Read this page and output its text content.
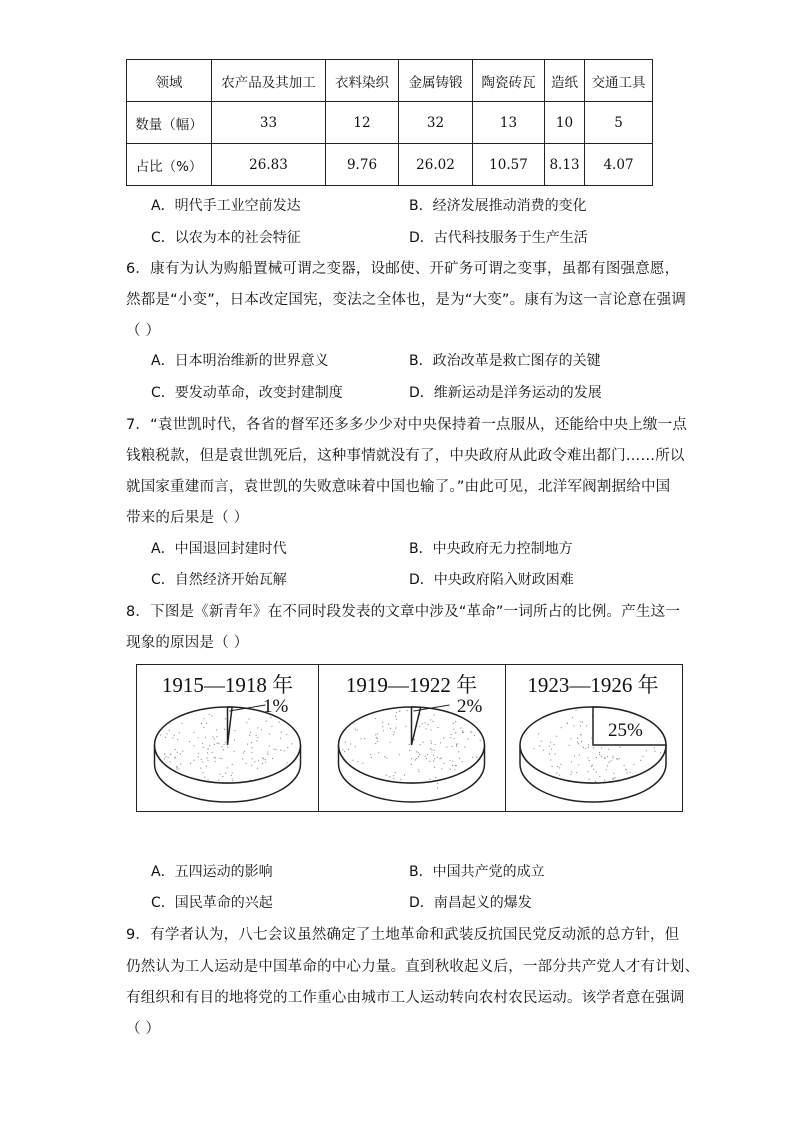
领域	农产品及其加工	衣料染织	金属铸锻	陶瓷砖瓦	造纸	交通工具
数量（幅）	33	12	32	13	10	5
占比（%）	26.83	9.76	26.02	10.57	8.13	4.07
A．明代手工业空前发达	B．经济发展推动消费的变化
C．以农为本的社会特征	D．古代科技服务于生产生活
6．康有为认为购船置械可谓之变器，设邮使、开矿务可谓之变事，虽都有图强意愿，
然都是“小变”，日本改定国宪，变法之全体也，是为“大变”。康有为这一言论意在强调
（ ）
A．日本明治维新的世界意义	B．政治改革是救亡图存的关键
C．要发动革命，改变封建制度	D．维新运动是洋务运动的发展
7．“袁世凯时代，各省的督军还多多少少对中央保持着一点服从，还能给中央上缴一点
钱粮税款，但是袁世凯死后，这种事情就没有了，中央政府从此政令难出都门……所以
就国家重建而言，袁世凯的失败意味着中国也输了。”由此可见，北洋军阀割据给中国
带来的后果是（ ）
A．中国退回封建时代	B．中央政府无力控制地方
C．自然经济开始瓦解	D．中央政府陷入财政困难
8．下图是《新青年》在不同时段发表的文章中涉及“革命”一词所占的比例。产生这一
现象的原因是（ ）
1915—1918 年
1%
1919—1922 年
2%
1923—1926 年
25%
A．五四运动的影响	B．中国共产党的成立
C．国民革命的兴起	D．南昌起义的爆发
9．有学者认为，八七会议虽然确定了土地革命和武装反抗国民党反动派的总方针，但
仍然认为工人运动是中国革命的中心力量。直到秋收起义后，一部分共产党人才有计划、
有组织和有目的地将党的工作重心由城市工人运动转向农村农民运动。该学者意在强调
（ ）
